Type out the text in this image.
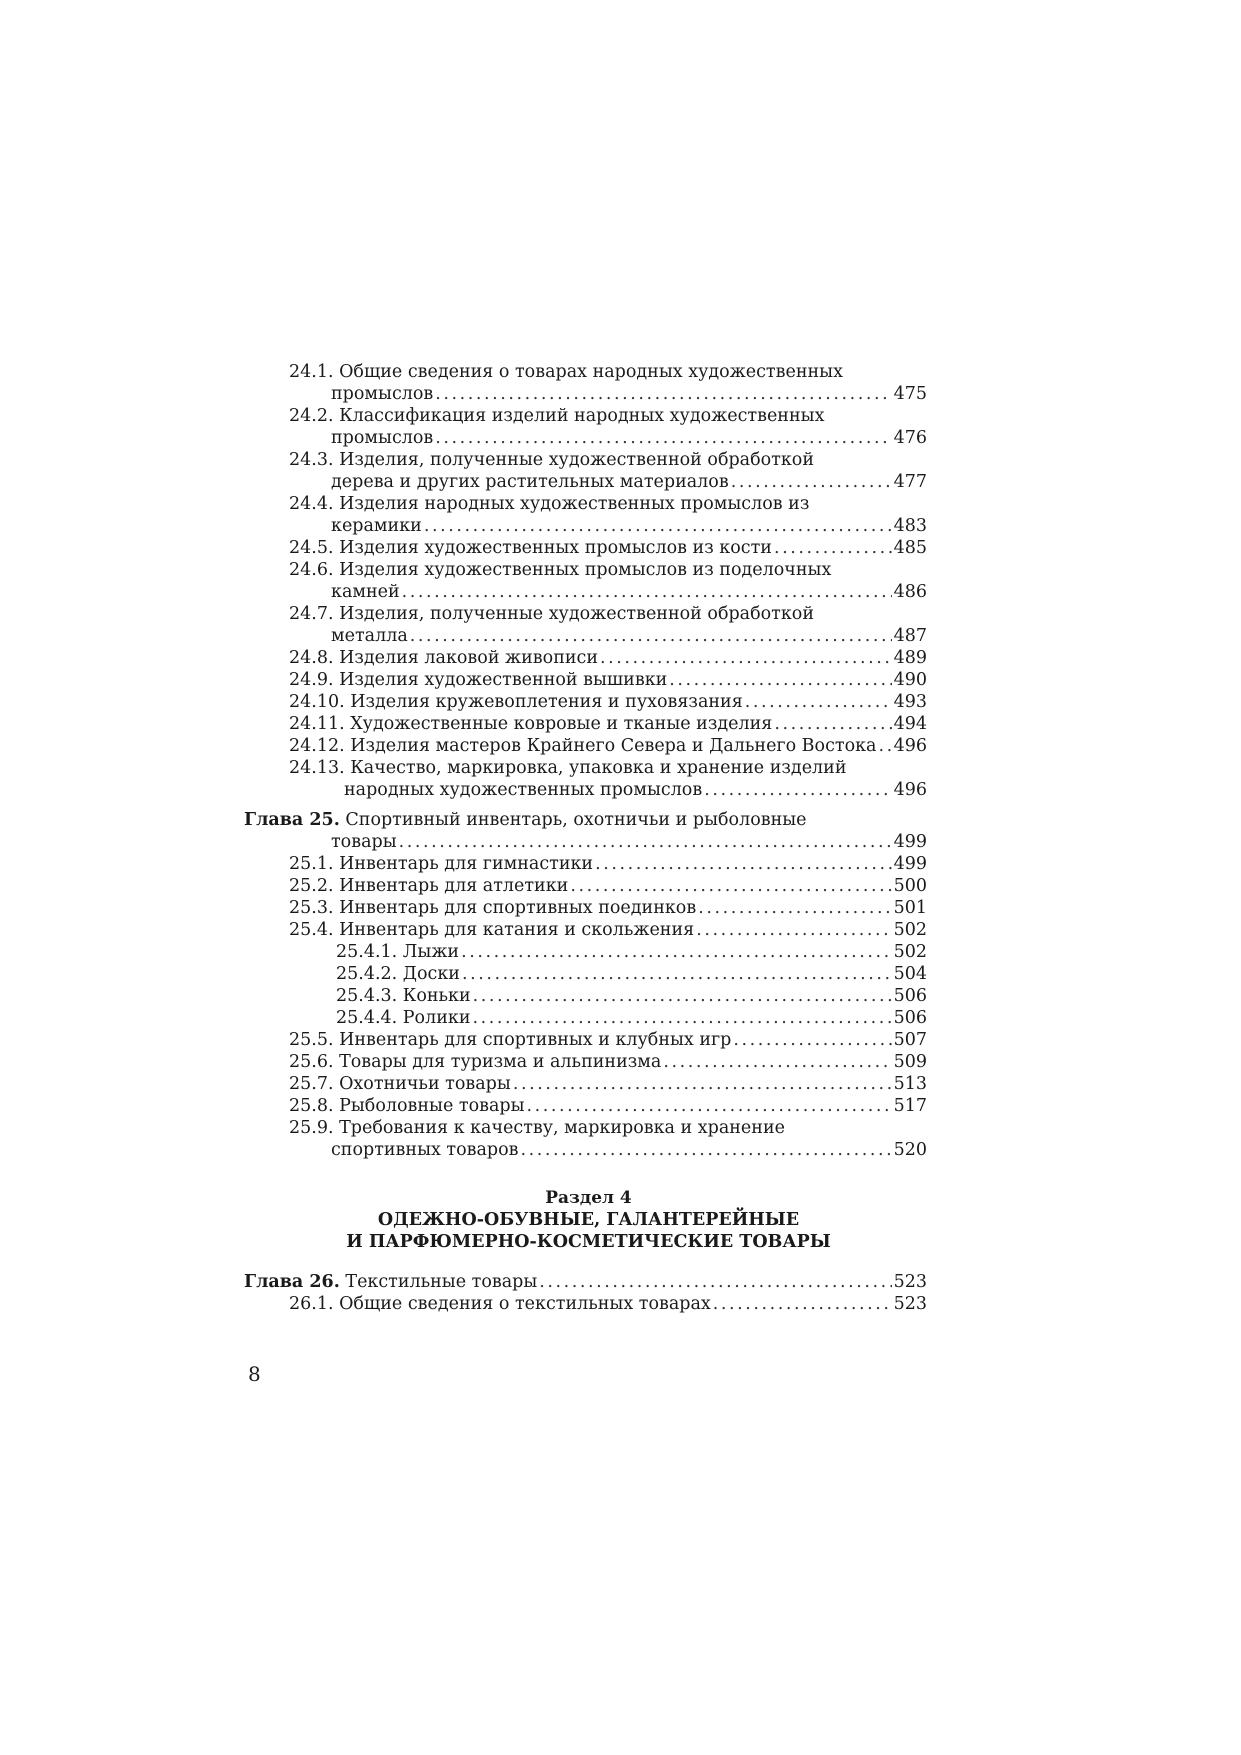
24.1. Общие сведения о товарах народных художественных
промыслов . . .	475
24.2. Классификация изделий народных художественных
промыслов . . .	476
24.3. Изделия, полученные художественной обработкой
дерева и других растительных материалов . . .	477
24.4. Изделия народных художественных промыслов из
керамики . . .	483
24.5. Изделия художественных промыслов из кости . . .	485
24.6. Изделия художественных промыслов из поделочных
камней . . .	486
24.7. Изделия, полученные художественной обработкой
металла . . .	487
24.8. Изделия лаковой живописи . . .	489
24.9. Изделия художественной вышивки . . .	490
24.10. Изделия кружевоплетения и пуховязания . . .	493
24.11. Художественные ковровые и тканые изделия . . .	494
24.12. Изделия мастеров Крайнего Севера и Дальнего Востока . . . 496
24.13. Качество, маркировка, упаковка и хранение изделий
народных художественных промыслов . . .	496
Глава 25. Спортивный инвентарь, охотничьи и рыболовные
товары . . .	499
25.1. Инвентарь для гимнастики . . .	499
25.2. Инвентарь для атлетики . . .	500
25.3. Инвентарь для спортивных поединков . . .	501
25.4. Инвентарь для катания и скольжения . . .	502
25.4.1. Лыжи . . .	502
25.4.2. Доски . . .	504
25.4.3. Коньки . . .	506
25.4.4. Ролики . . .	506
25.5. Инвентарь для спортивных и клубных игр . . .	507
25.6. Товары для туризма и альпинизма . . .	509
25.7. Охотничьи товары . . .	513
25.8. Рыболовные товары . . .	517
25.9. Требования к качеству, маркировка и хранение
спортивных товаров . . .	520
Раздел 4
ОДЕЖНО-ОБУВНЫЕ, ГАЛАНТЕРЕЙНЫЕ
И ПАРФЮМЕРНО-КОСМЕТИЧЕСКИЕ ТОВАРЫ
Глава 26. Текстильные товары . . .	523
26.1. Общие сведения о текстильных товарах . . .	523
8
